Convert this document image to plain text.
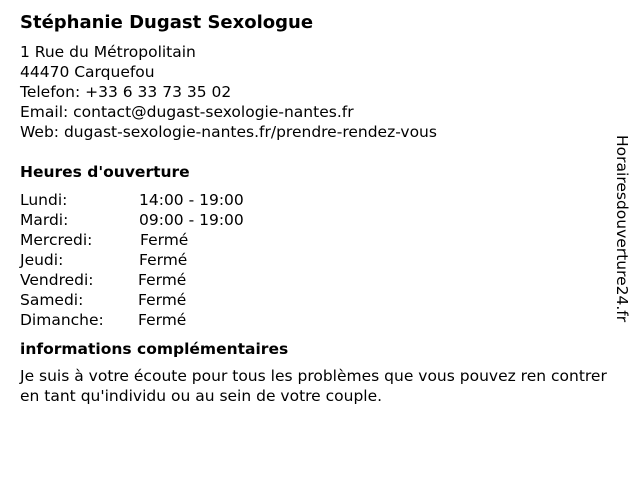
Stéphanie Dugast Sexologue
1 Rue du Métropolitain
44470 Carquefou
Telefon: +33 6 33 73 35 02
Email: contact@dugast-sexologie-nantes.fr
Web: dugast-sexologie-nantes.fr/prendre-rendez-vous
Heures d'ouverture
Lundi:	14:00 - 19:00
Mardi:	09:00 - 19:00
Mercredi:	Fermé
Jeudi:	Fermé
Vendredi:	Fermé
Samedi:	Fermé
Dimanche:	Fermé
informations complémentaires
Je suis à votre écoute pour tous les problèmes que vous pouvez ren contrer en tant qu'individu ou au sein de votre couple.
Horairesdouverture24.fr
